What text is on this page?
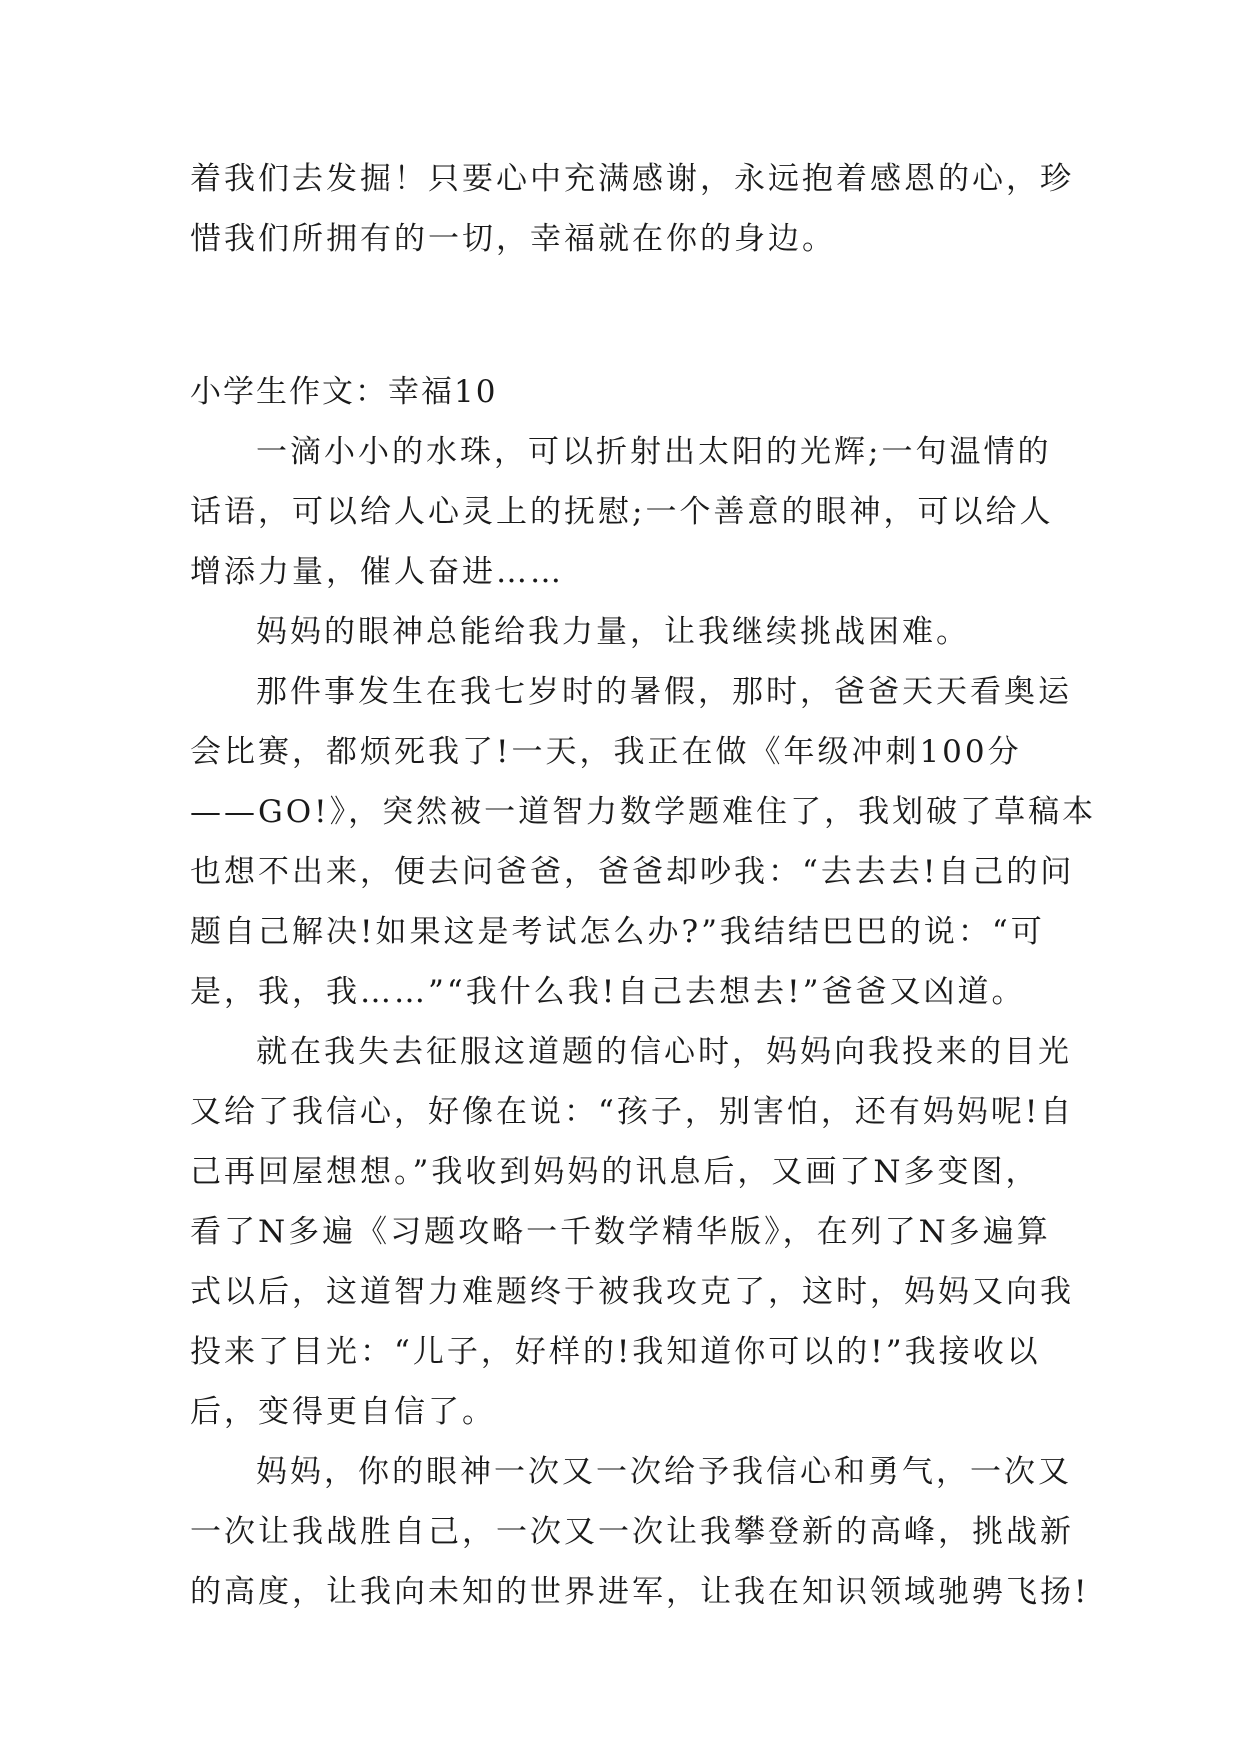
着我们去发掘！只要心中充满感谢，永远抱着感恩的心，珍
惜我们所拥有的一切，幸福就在你的身边。

小学生作文：幸福10

一滴小小的水珠，可以折射出太阳的光辉;一句温情的
话语，可以给人心灵上的抚慰;一个善意的眼神，可以给人
增添力量，催人奋进……

妈妈的眼神总能给我力量，让我继续挑战困难。

那件事发生在我七岁时的暑假，那时，爸爸天天看奥运
会比赛，都烦死我了!一天，我正在做《年级冲刺100分
——GO!》，突然被一道智力数学题难住了，我划破了草稿本
也想不出来，便去问爸爸，爸爸却吵我：“去去去!自己的问
题自己解决!如果这是考试怎么办?”我结结巴巴的说：“可
是，我，我……”“我什么我!自己去想去!”爸爸又凶道。

就在我失去征服这道题的信心时，妈妈向我投来的目光
又给了我信心，好像在说：“孩子，别害怕，还有妈妈呢!自
己再回屋想想。”我收到妈妈的讯息后，又画了N多变图，
看了N多遍《习题攻略一千数学精华版》，在列了N多遍算
式以后，这道智力难题终于被我攻克了，这时，妈妈又向我
投来了目光：“儿子，好样的!我知道你可以的!”我接收以
后，变得更自信了。

妈妈，你的眼神一次又一次给予我信心和勇气，一次又
一次让我战胜自己，一次又一次让我攀登新的高峰，挑战新
的高度，让我向未知的世界进军，让我在知识领域驰骋飞扬!
